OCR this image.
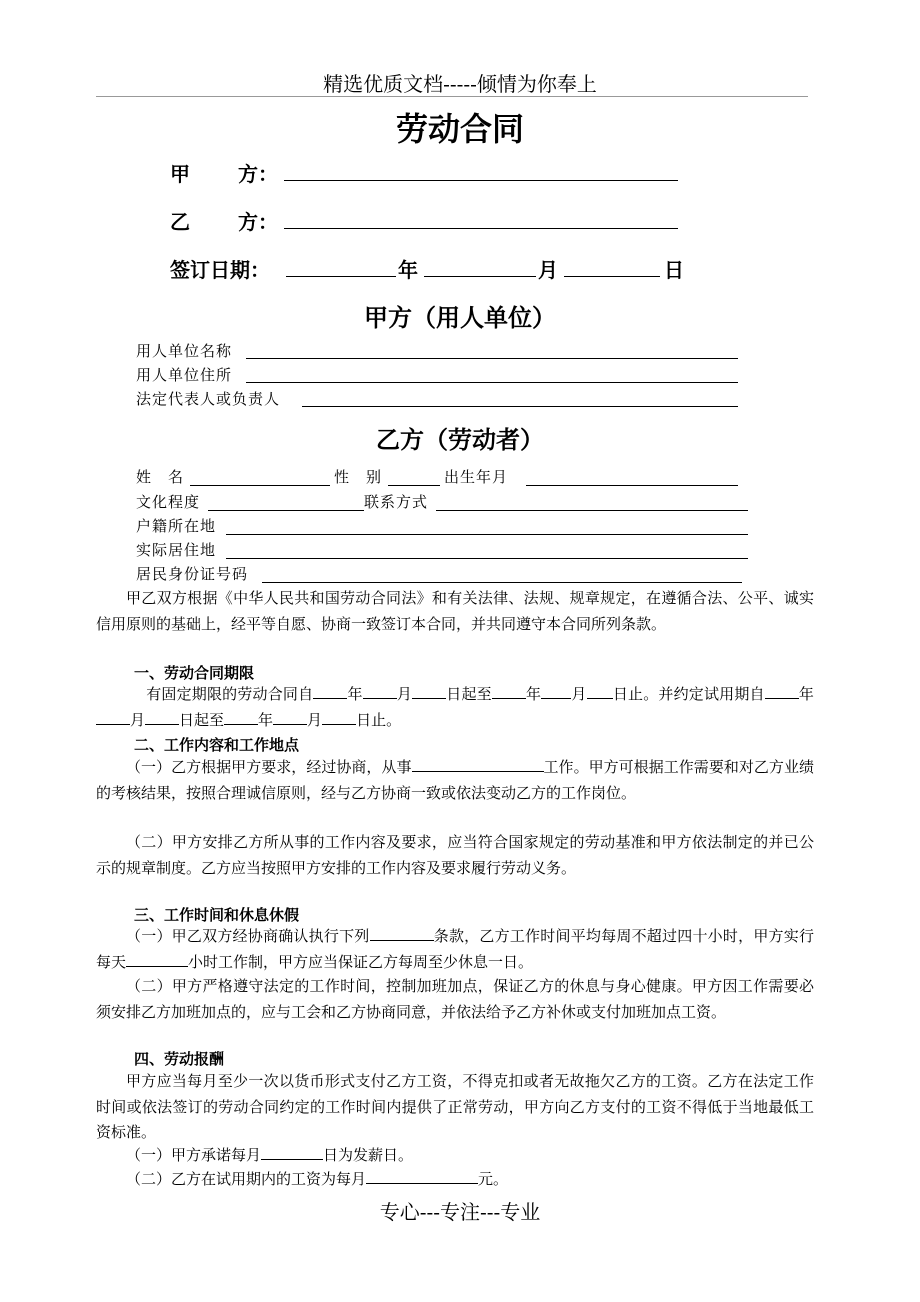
精选优质文档-----倾情为你奉上
劳动合同
甲 方：
乙 方：
签订日期：	年	月	日
甲方（用人单位）
用人单位名称
用人单位住所
法定代表人或负责人
乙方（劳动者）
姓　名	性　别	出生年月
文化程度	联系方式
户籍所在地
实际居住地
居民身份证号码
甲乙双方根据《中华人民共和国劳动合同法》和有关法律、法规、规章规定，在遵循合法、公平、诚实信用原则的基础上，经平等自愿、协商一致签订本合同，并共同遵守本合同所列条款。
一、劳动合同期限
有固定期限的劳动合同自 年 月 日起至 年 月 日止。并约定试用期自 年月 日起至 年 月 日止。
二、工作内容和工作地点
（一）乙方根据甲方要求，经过协商，从事	工作。甲方可根据工作需要和对乙方业绩的考核结果，按照合理诚信原则，经与乙方协商一致或依法变动乙方的工作岗位。
（二）甲方安排乙方所从事的工作内容及要求，应当符合国家规定的劳动基准和甲方依法制定的并已公示的规章制度。乙方应当按照甲方安排的工作内容及要求履行劳动义务。
三、工作时间和休息休假
（一）甲乙双方经协商确认执行下列	条款，乙方工作时间平均每周不超过四十小时，甲方实行每天	小时工作制，甲方应当保证乙方每周至少休息一日。
（二）甲方严格遵守法定的工作时间，控制加班加点，保证乙方的休息与身心健康。甲方因工作需要必须安排乙方加班加点的，应与工会和乙方协商同意，并依法给予乙方补休或支付加班加点工资。
四、劳动报酬
甲方应当每月至少一次以货币形式支付乙方工资，不得克扣或者无故拖欠乙方的工资。乙方在法定工作时间或依法签订的劳动合同约定的工作时间内提供了正常劳动，甲方向乙方支付的工资不得低于当地最低工资标准。
（一）甲方承诺每月	日为发薪日。
（二）乙方在试用期内的工资为每月	元。
专心---专注---专业
